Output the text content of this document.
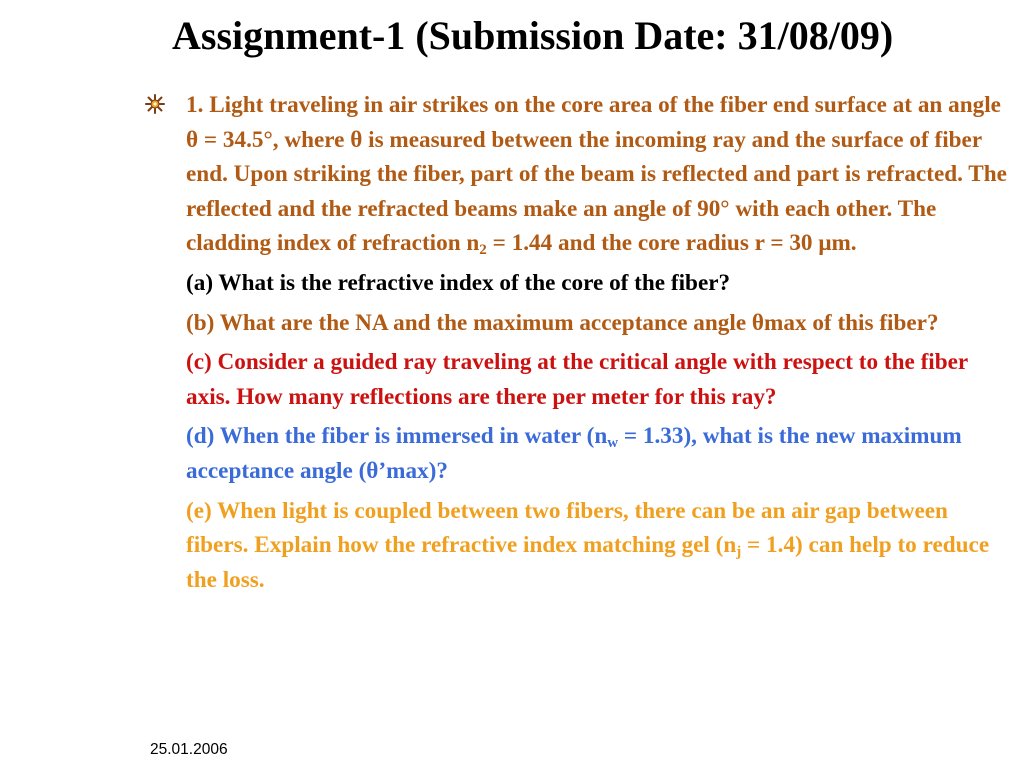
Assignment-1 (Submission Date: 31/08/09)

1. Light traveling in air strikes on the core area of the fiber end surface at an angle θ = 34.5°, where θ is measured between the incoming ray and the surface of fiber end. Upon striking the fiber, part of the beam is reflected and part is refracted. The reflected and the refracted beams make an angle of 90° with each other. The cladding index of refraction $n_2 = 1.44$ and the core radius r = 30 μm.

(a) What is the refractive index of the core of the fiber?

(b) What are the NA and the maximum acceptance angle θmax of this fiber?

(c) Consider a guided ray traveling at the critical angle with respect to the fiber axis. How many reflections are there per meter for this ray?

(d) When the fiber is immersed in water $(n_w = 1.33)$, what is the new maximum acceptance angle (θ’max)?

(e) When light is coupled between two fibers, there can be an air gap between fibers. Explain how the refractive index matching gel $(n_j = 1.4)$ can help to reduce the loss.

25.01.2006
